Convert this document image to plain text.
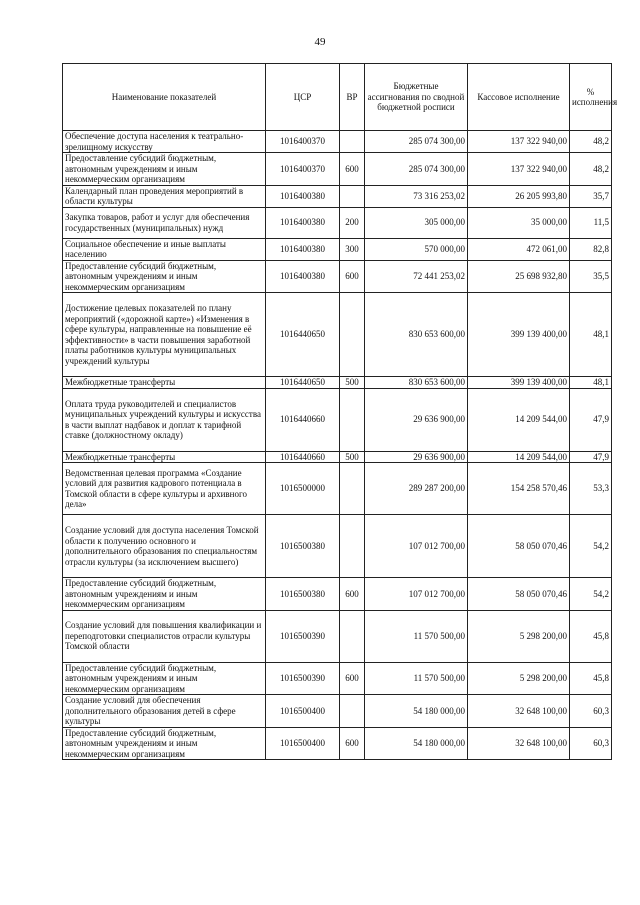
49
Наименование показателей	ЦСР	ВР	Бюджетные ассигнования по сводной бюджетной росписи	Кассовое исполнение	% исполнения
Обеспечение доступа населения к театрально-зрелищному искусству	1016400370		285 074 300,00	137 322 940,00	48,2
Предоставление субсидий бюджетным, автономным учреждениям и иным некоммерческим организациям	1016400370	600	285 074 300,00	137 322 940,00	48,2
Календарный план проведения мероприятий в области культуры	1016400380		73 316 253,02	26 205 993,80	35,7
Закупка товаров, работ и услуг для обеспечения государственных (муниципальных) нужд	1016400380	200	305 000,00	35 000,00	11,5
Социальное обеспечение и иные выплаты населению	1016400380	300	570 000,00	472 061,00	82,8
Предоставление субсидий бюджетным, автономным учреждениям и иным некоммерческим организациям	1016400380	600	72 441 253,02	25 698 932,80	35,5
Достижение целевых показателей по плану мероприятий («дорожной карте») «Изменения в сфере культуры, направленные на повышение её эффективности» в части повышения заработной платы работников культуры муниципальных учреждений культуры	1016440650		830 653 600,00	399 139 400,00	48,1
Межбюджетные трансферты	1016440650	500	830 653 600,00	399 139 400,00	48,1
Оплата труда руководителей и специалистов муниципальных учреждений культуры и искусства в части выплат надбавок и доплат к тарифной ставке (должностному окладу)	1016440660		29 636 900,00	14 209 544,00	47,9
Межбюджетные трансферты	1016440660	500	29 636 900,00	14 209 544,00	47,9
Ведомственная целевая программа «Создание условий для развития кадрового потенциала в Томской области в сфере культуры и архивного дела»	1016500000		289 287 200,00	154 258 570,46	53,3
Создание условий для доступа населения Томской области к получению основного и дополнительного образования по специальностям отрасли культуры (за исключением высшего)	1016500380		107 012 700,00	58 050 070,46	54,2
Предоставление субсидий бюджетным, автономным учреждениям и иным некоммерческим организациям	1016500380	600	107 012 700,00	58 050 070,46	54,2
Создание условий для повышения квалификации и переподготовки специалистов отрасли культуры Томской области	1016500390		11 570 500,00	5 298 200,00	45,8
Предоставление субсидий бюджетным, автономным учреждениям и иным некоммерческим организациям	1016500390	600	11 570 500,00	5 298 200,00	45,8
Создание условий для обеспечения дополнительного образования детей в сфере культуры	1016500400		54 180 000,00	32 648 100,00	60,3
Предоставление субсидий бюджетным, автономным учреждениям и иным некоммерческим организациям	1016500400	600	54 180 000,00	32 648 100,00	60,3
